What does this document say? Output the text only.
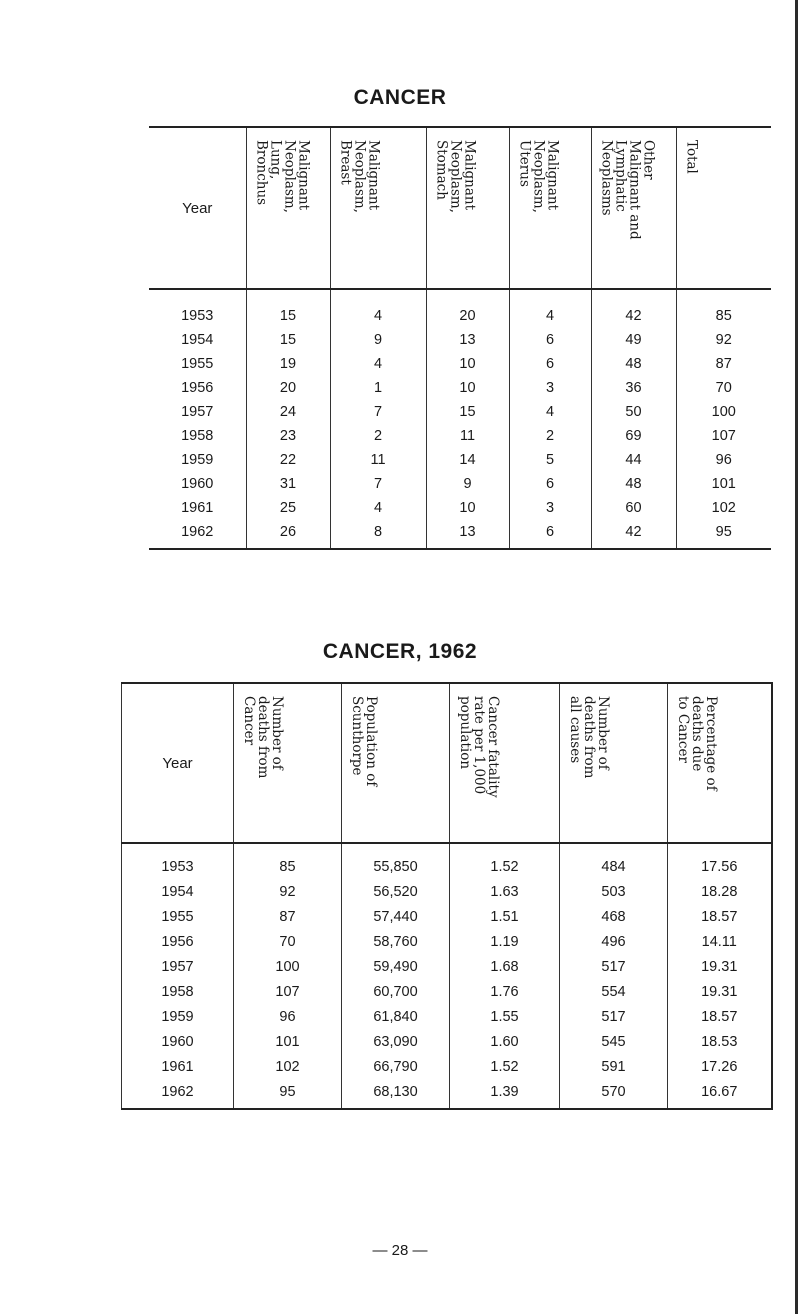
CANCER
Year	Malignant
Neoplasm,
Lung,
Bronchus	Malignant
Neoplasm,
Breast	Malignant
Neoplasm,
Stomach	Malignant
Neoplasm,
Uterus	Other
Malignant and
Lymphatic
Neoplasms	Total
1953	15	4	20	4	42	85
1954	15	9	13	6	49	92
1955	19	4	10	6	48	87
1956	20	1	10	3	36	70
1957	24	7	15	4	50	100
1958	23	2	11	2	69	107
1959	22	11	14	5	44	96
1960	31	7	9	6	48	101
1961	25	4	10	3	60	102
1962	26	8	13	6	42	95
CANCER, 1962
Year	Number of
deaths from
Cancer	Population of
Scunthorpe	Cancer fatality
rate per 1,000
population	Number of
deaths from
all causes	Percentage of
deaths due
to Cancer
1953	85	55,850	1.52	484	17.56
1954	92	56,520	1.63	503	18.28
1955	87	57,440	1.51	468	18.57
1956	70	58,760	1.19	496	14.11
1957	100	59,490	1.68	517	19.31
1958	107	60,700	1.76	554	19.31
1959	96	61,840	1.55	517	18.57
1960	101	63,090	1.60	545	18.53
1961	102	66,790	1.52	591	17.26
1962	95	68,130	1.39	570	16.67
— 28 —
